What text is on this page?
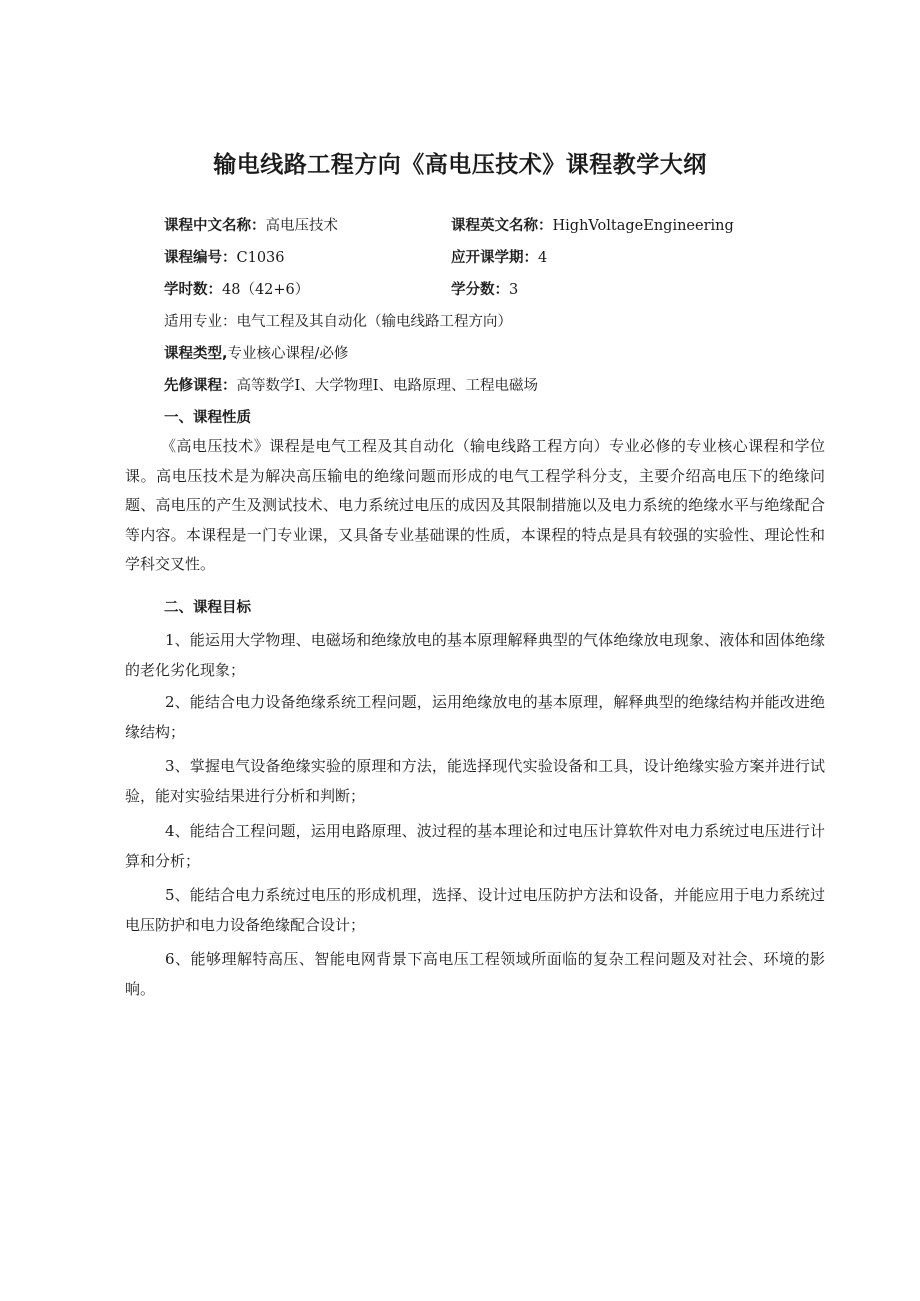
输电线路工程方向《高电压技术》课程教学大纲
课程中文名称：高电压技术	课程英文名称：HighVoltageEngineering
课程编号：C1036	应开课学期：4
学时数：48（42+6）	学分数：3
适用专业：电气工程及其自动化（输电线路工程方向）
课程类型,专业核心课程/必修
先修课程：高等数学Ⅰ、大学物理Ⅰ、电路原理、工程电磁场
一、课程性质

《高电压技术》课程是电气工程及其自动化（输电线路工程方向）专业必修的专业核心课程和学位课。高电压技术是为解决高压输电的绝缘问题而形成的电气工程学科分支，主要介绍高电压下的绝缘问题、高电压的产生及测试技术、电力系统过电压的成因及其限制措施以及电力系统的绝缘水平与绝缘配合等内容。本课程是一门专业课，又具备专业基础课的性质，本课程的特点是具有较强的实验性、理论性和学科交叉性。

二、课程目标

1、能运用大学物理、电磁场和绝缘放电的基本原理解释典型的气体绝缘放电现象、液体和固体绝缘的老化劣化现象；

2、能结合电力设备绝缘系统工程问题，运用绝缘放电的基本原理，解释典型的绝缘结构并能改进绝缘结构；

3、掌握电气设备绝缘实验的原理和方法，能选择现代实验设备和工具，设计绝缘实验方案并进行试验，能对实验结果进行分析和判断；

4、能结合工程问题，运用电路原理、波过程的基本理论和过电压计算软件对电力系统过电压进行计算和分析；

5、能结合电力系统过电压的形成机理，选择、设计过电压防护方法和设备，并能应用于电力系统过电压防护和电力设备绝缘配合设计；

6、能够理解特高压、智能电网背景下高电压工程领域所面临的复杂工程问题及对社会、环境的影响。
